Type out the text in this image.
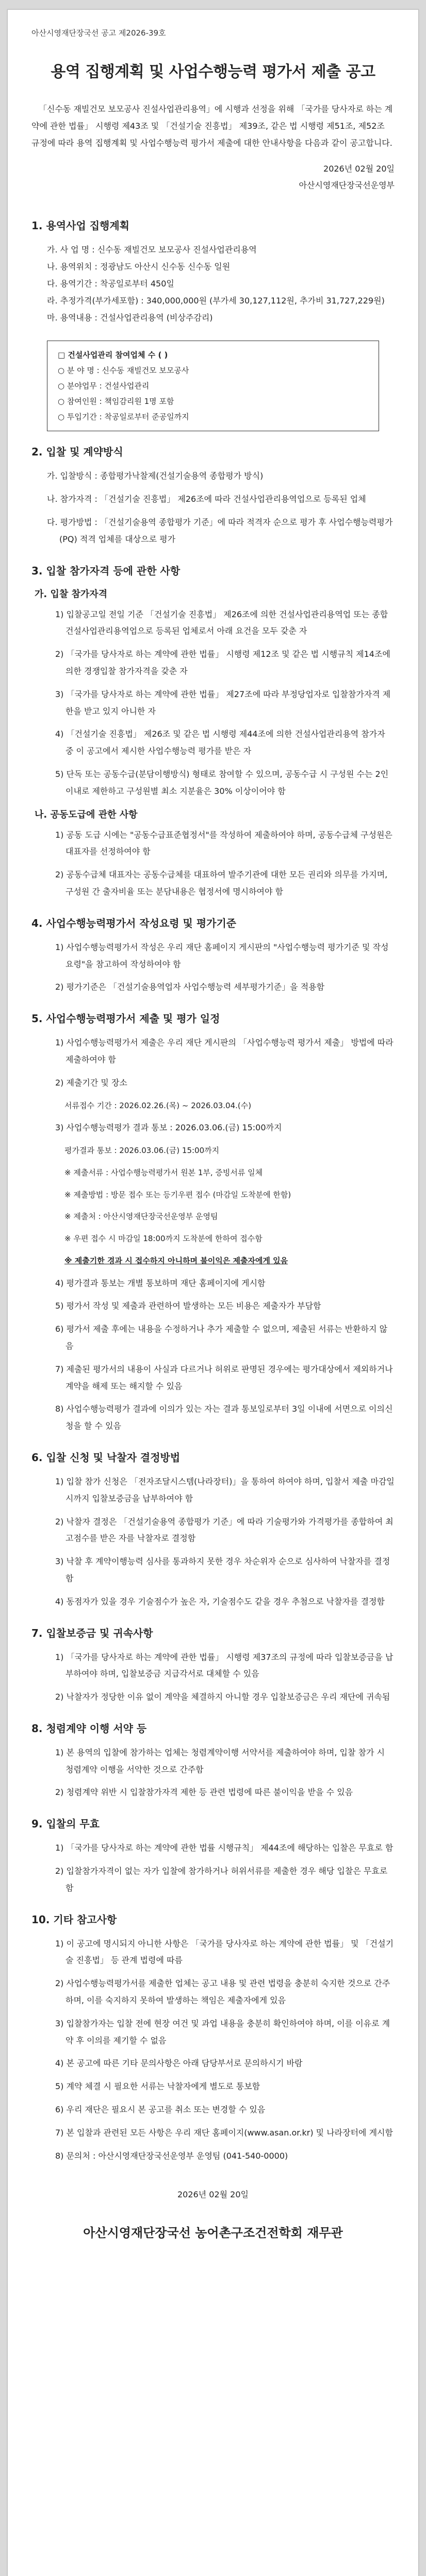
아산시영재단장국선 공고 제2026-39호
용역 집행계획 및 사업수행능력 평가서 제출 공고
「신수동 재빌건모 보모공사 진설사업관리용역」에 시행과 선정을 위해 「국가를 당사자로 하는 계약에 관한 법률」 시행령 제43조 및 「건설기술 진흥법」 제39조, 같은 법 시행령 제51조, 제52조 규정에 따라 용역 집행계획 및 사업수행능력 평가서 제출에 대한 안내사항을 다음과 같이 공고합니다.
2026년 02월 20일
아산시영재단장국선운영부
1. 용역사업 집행계획
가. 사 업 명 : 신수동 재빌건모 보모공사 진설사업관리용역
나. 용역위치 : 정광남도 아산시 신수동 신수동 일원
다. 용역기간 : 착공일로부터 450일
라. 추정가격(부가세포함) : 340,000,000원 (부가세 30,127,112원, 추가비 31,727,229원)
마. 용역내용 : 건설사업관리용역 (비상주감리)
□ 건설사업관리 참여업체 수 ( )
○ 분 야 명 : 신수동 재빌건모 보모공사
○ 분야업무 : 건설사업관리
○ 참여인원 : 책임감리원 1명 포함
○ 투입기간 : 착공일로부터 준공일까지
2. 입찰 및 계약방식
가. 입찰방식 : 종합평가낙찰제(건설기술용역 종합평가 방식)
나. 참가자격 : 「건설기술 진흥법」 제26조에 따라 건설사업관리용역업으로 등록된 업체
다. 평가방법 : 「건설기술용역 종합평가 기준」에 따라 적격자 순으로 평가 후 사업수행능력평가(PQ) 적격 업체를 대상으로 평가
3. 입찰 참가자격 등에 관한 사항
가. 입찰 참가자격
1) 입찰공고일 전일 기준 「건설기술 진흥법」 제26조에 의한 건설사업관리용역업 또는 종합건설사업관리용역업으로 등록된 업체로서 아래 요건을 모두 갖춘 자
2) 「국가를 당사자로 하는 계약에 관한 법률」 시행령 제12조 및 같은 법 시행규칙 제14조에 의한 경쟁입찰 참가자격을 갖춘 자
3) 「국가를 당사자로 하는 계약에 관한 법률」 제27조에 따라 부정당업자로 입찰참가자격 제한을 받고 있지 아니한 자
4) 「건설기술 진흥법」 제26조 및 같은 법 시행령 제44조에 의한 건설사업관리용역 참가자 중 이 공고에서 제시한 사업수행능력 평가를 받은 자
5) 단독 또는 공동수급(분담이행방식) 형태로 참여할 수 있으며, 공동수급 시 구성원 수는 2인 이내로 제한하고 구성원별 최소 지분율은 30% 이상이어야 함
나. 공동도급에 관한 사항
1) 공동 도급 시에는 "공동수급표준협정서"를 작성하여 제출하여야 하며, 공동수급체 구성원은 대표자를 선정하여야 함
2) 공동수급체 대표자는 공동수급체를 대표하여 발주기관에 대한 모든 권리와 의무를 가지며, 구성원 간 출자비율 또는 분담내용은 협정서에 명시하여야 함
4. 사업수행능력평가서 작성요령 및 평가기준
1) 사업수행능력평가서 작성은 우리 재단 홈페이지 게시판의 "사업수행능력 평가기준 및 작성요령"을 참고하여 작성하여야 함
2) 평가기준은 「건설기술용역업자 사업수행능력 세부평가기준」을 적용함
5. 사업수행능력평가서 제출 및 평가 일정
1) 사업수행능력평가서 제출은 우리 재단 게시판의 「사업수행능력 평가서 제출」 방법에 따라 제출하여야 함
2) 제출기간 및 장소
서류접수 기간 : 2026.02.26.(목) ~ 2026.03.04.(수)
3) 사업수행능력평가 결과 통보 : 2026.03.06.(금) 15:00까지
평가결과 통보 : 2026.03.06.(금) 15:00까지
※ 제출서류 : 사업수행능력평가서 원본 1부, 증빙서류 일체
※ 제출방법 : 방문 접수 또는 등기우편 접수 (마감일 도착분에 한함)
※ 제출처 : 아산시영재단장국선운영부 운영팀
※ 우편 접수 시 마감일 18:00까지 도착분에 한하여 접수함
※ 제출기한 경과 시 접수하지 아니하며 불이익은 제출자에게 있음
4) 평가결과 통보는 개별 통보하며 재단 홈페이지에 게시함
5) 평가서 작성 및 제출과 관련하여 발생하는 모든 비용은 제출자가 부담함
6) 평가서 제출 후에는 내용을 수정하거나 추가 제출할 수 없으며, 제출된 서류는 반환하지 않음
7) 제출된 평가서의 내용이 사실과 다르거나 허위로 판명된 경우에는 평가대상에서 제외하거나 계약을 해제 또는 해지할 수 있음
8) 사업수행능력평가 결과에 이의가 있는 자는 결과 통보일로부터 3일 이내에 서면으로 이의신청을 할 수 있음
6. 입찰 신청 및 낙찰자 결정방법
1) 입찰 참가 신청은 「전자조달시스템(나라장터)」을 통하여 하여야 하며, 입찰서 제출 마감일시까지 입찰보증금을 납부하여야 함
2) 낙찰자 결정은 「건설기술용역 종합평가 기준」에 따라 기술평가와 가격평가를 종합하여 최고점수를 받은 자를 낙찰자로 결정함
3) 낙찰 후 계약이행능력 심사를 통과하지 못한 경우 차순위자 순으로 심사하여 낙찰자를 결정함
4) 동점자가 있을 경우 기술점수가 높은 자, 기술점수도 같을 경우 추첨으로 낙찰자를 결정함
7. 입찰보증금 및 귀속사항
1) 「국가를 당사자로 하는 계약에 관한 법률」 시행령 제37조의 규정에 따라 입찰보증금을 납부하여야 하며, 입찰보증금 지급각서로 대체할 수 있음
2) 낙찰자가 정당한 이유 없이 계약을 체결하지 아니할 경우 입찰보증금은 우리 재단에 귀속됨
8. 청렴계약 이행 서약 등
1) 본 용역의 입찰에 참가하는 업체는 청렴계약이행 서약서를 제출하여야 하며, 입찰 참가 시 청렴계약 이행을 서약한 것으로 간주함
2) 청렴계약 위반 시 입찰참가자격 제한 등 관련 법령에 따른 불이익을 받을 수 있음
9. 입찰의 무효
1) 「국가를 당사자로 하는 계약에 관한 법률 시행규칙」 제44조에 해당하는 입찰은 무효로 함
2) 입찰참가자격이 없는 자가 입찰에 참가하거나 허위서류를 제출한 경우 해당 입찰은 무효로 함
10. 기타 참고사항
1) 이 공고에 명시되지 아니한 사항은 「국가를 당사자로 하는 계약에 관한 법률」 및 「건설기술 진흥법」 등 관계 법령에 따름
2) 사업수행능력평가서를 제출한 업체는 공고 내용 및 관련 법령을 충분히 숙지한 것으로 간주하며, 이를 숙지하지 못하여 발생하는 책임은 제출자에게 있음
3) 입찰참가자는 입찰 전에 현장 여건 및 과업 내용을 충분히 확인하여야 하며, 이를 이유로 계약 후 이의를 제기할 수 없음
4) 본 공고에 따른 기타 문의사항은 아래 담당부서로 문의하시기 바람
5) 계약 체결 시 필요한 서류는 낙찰자에게 별도로 통보함
6) 우리 재단은 필요시 본 공고를 취소 또는 변경할 수 있음
7) 본 입찰과 관련된 모든 사항은 우리 재단 홈페이지(www.asan.or.kr) 및 나라장터에 게시함
8) 문의처 : 아산시영재단장국선운영부 운영팀 (041-540-0000)
2026년 02월 20일
아산시영재단장국선 농어촌구조건전학회 재무관
